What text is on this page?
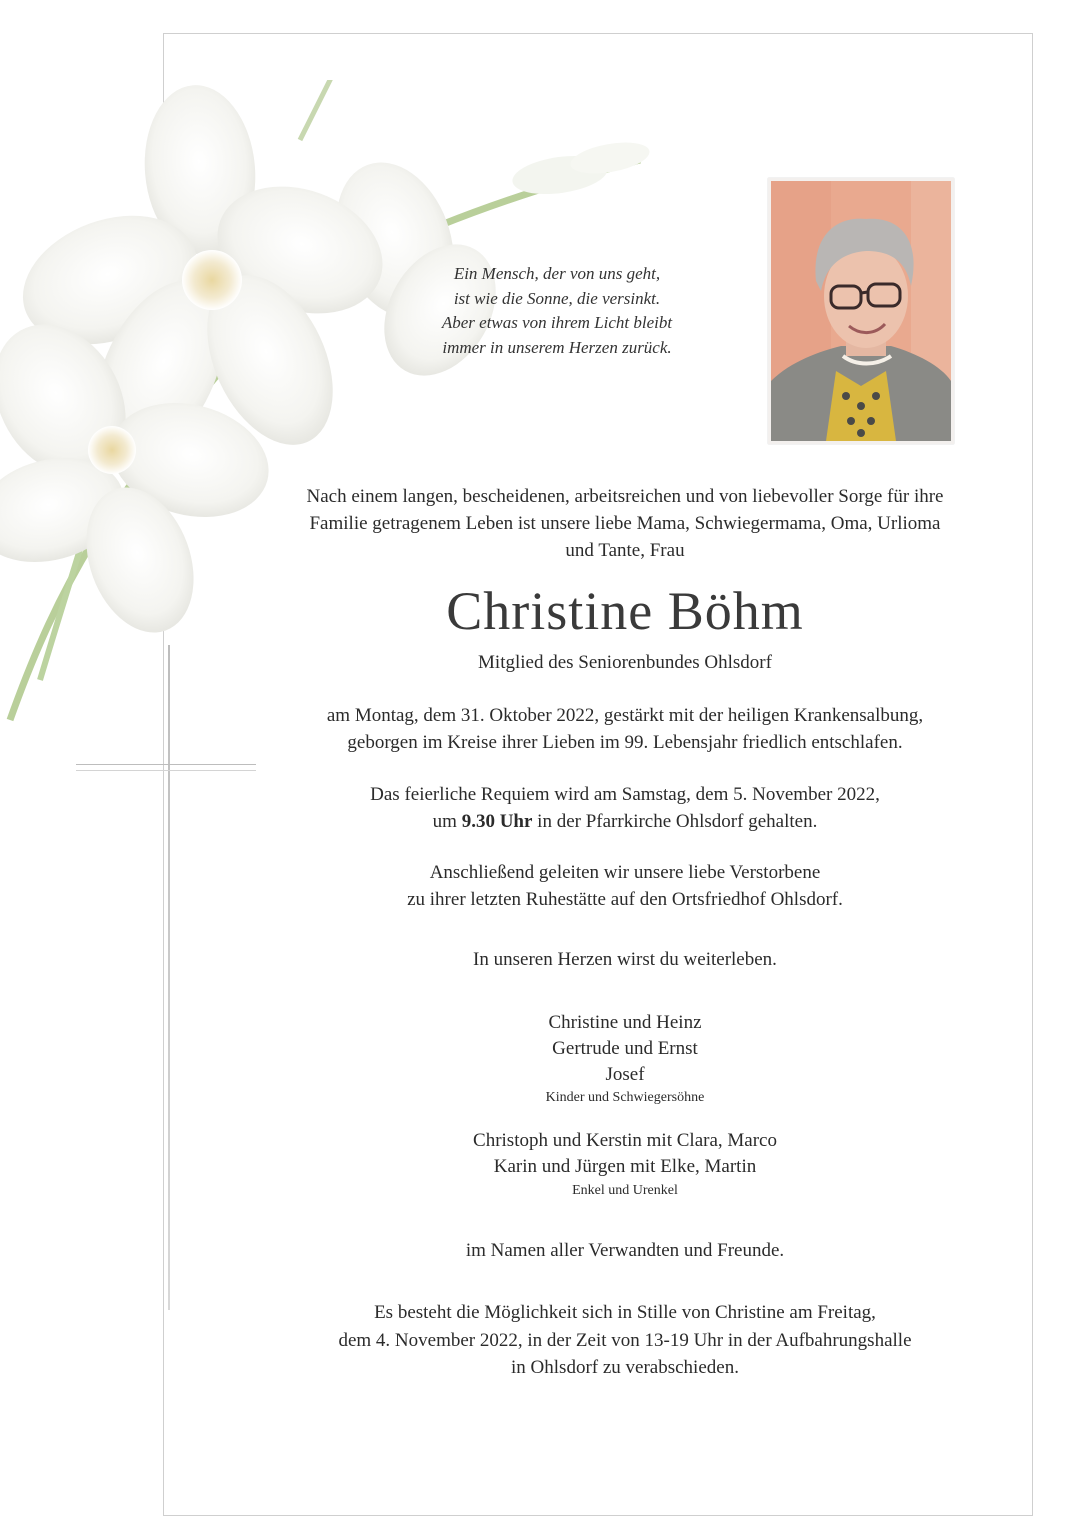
Ein Mensch, der von uns geht,
ist wie die Sonne, die versinkt.
Aber etwas von ihrem Licht bleibt
immer in unserem Herzen zurück.
Nach einem langen, bescheidenen, arbeitsreichen und von liebevoller Sorge für ihre
Familie getragenem Leben ist unsere liebe Mama, Schwiegermama, Oma, Urlioma
und Tante, Frau
Christine Böhm
Mitglied des Seniorenbundes Ohlsdorf
am Montag, dem 31. Oktober 2022, gestärkt mit der heiligen Krankensalbung,
geborgen im Kreise ihrer Lieben im 99. Lebensjahr friedlich entschlafen.
Das feierliche Requiem wird am Samstag, dem 5. November 2022,
um 9.30 Uhr in der Pfarrkirche Ohlsdorf gehalten.
Anschließend geleiten wir unsere liebe Verstorbene
zu ihrer letzten Ruhestätte auf den Ortsfriedhof Ohlsdorf.
In unseren Herzen wirst du weiterleben.
Christine und Heinz
Gertrude und Ernst
Josef
Kinder und Schwiegersöhne
Christoph und Kerstin mit Clara, Marco
Karin und Jürgen mit Elke, Martin
Enkel und Urenkel
im Namen aller Verwandten und Freunde.
Es besteht die Möglichkeit sich in Stille von Christine am Freitag,
dem 4. November 2022, in der Zeit von 13-19 Uhr in der Aufbahrungshalle
in Ohlsdorf zu verabschieden.
